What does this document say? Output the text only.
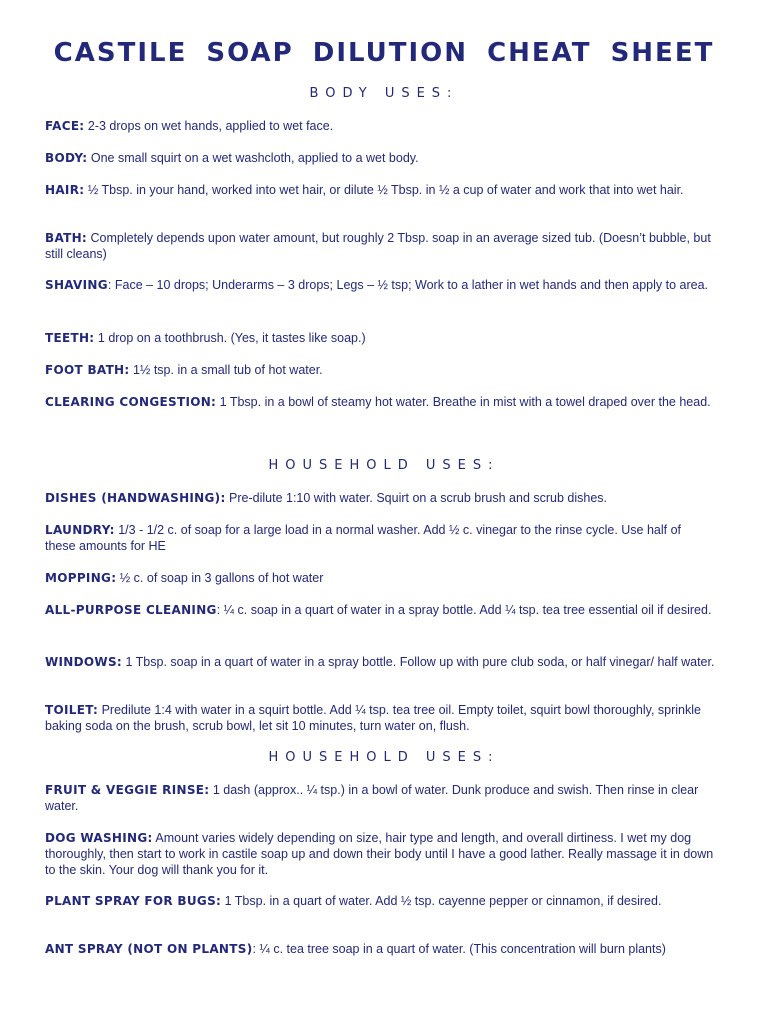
CASTILE SOAP DILUTION CHEAT SHEET
BODY USES:

FACE: 2-3 drops on wet hands, applied to wet face.

BODY: One small squirt on a wet washcloth, applied to a wet body.

HAIR: ½ Tbsp. in your hand, worked into wet hair, or dilute ½ Tbsp. in ½ a cup of water and work that into wet hair.

BATH: Completely depends upon water amount, but roughly 2 Tbsp. soap in an average sized tub. (Doesn’t bubble, but still cleans)

SHAVING: Face – 10 drops; Underarms – 3 drops; Legs – ½ tsp; Work to a lather in wet hands and then apply to area.

TEETH: 1 drop on a toothbrush. (Yes, it tastes like soap.)

FOOT BATH: 1½ tsp. in a small tub of hot water.

CLEARING CONGESTION: 1 Tbsp. in a bowl of steamy hot water. Breathe in mist with a towel draped over the head.

HOUSEHOLD USES:

DISHES (HANDWASHING): Pre-dilute 1:10 with water. Squirt on a scrub brush and scrub dishes.

LAUNDRY: 1/3 - 1/2 c. of soap for a large load in a normal washer. Add ½ c. vinegar to the rinse cycle. Use half of these amounts for HE

MOPPING: ½ c. of soap in 3 gallons of hot water

ALL-PURPOSE CLEANING: ¼ c. soap in a quart of water in a spray bottle. Add ¼ tsp. tea tree essential oil if desired.

WINDOWS: 1 Tbsp. soap in a quart of water in a spray bottle. Follow up with pure club soda, or half vinegar/ half water.

TOILET: Predilute 1:4 with water in a squirt bottle. Add ¼ tsp. tea tree oil. Empty toilet, squirt bowl thoroughly, sprinkle baking soda on the brush, scrub bowl, let sit 10 minutes, turn water on, flush.

HOUSEHOLD USES:

FRUIT & VEGGIE RINSE: 1 dash (approx.. ¼ tsp.) in a bowl of water. Dunk produce and swish. Then rinse in clear water.

DOG WASHING: Amount varies widely depending on size, hair type and length, and overall dirtiness. I wet my dog thoroughly, then start to work in castile soap up and down their body until I have a good lather. Really massage it in down to the skin. Your dog will thank you for it.

PLANT SPRAY FOR BUGS: 1 Tbsp. in a quart of water. Add ½ tsp. cayenne pepper or cinnamon, if desired.

ANT SPRAY (NOT ON PLANTS): ¼ c. tea tree soap in a quart of water. (This concentration will burn plants)
